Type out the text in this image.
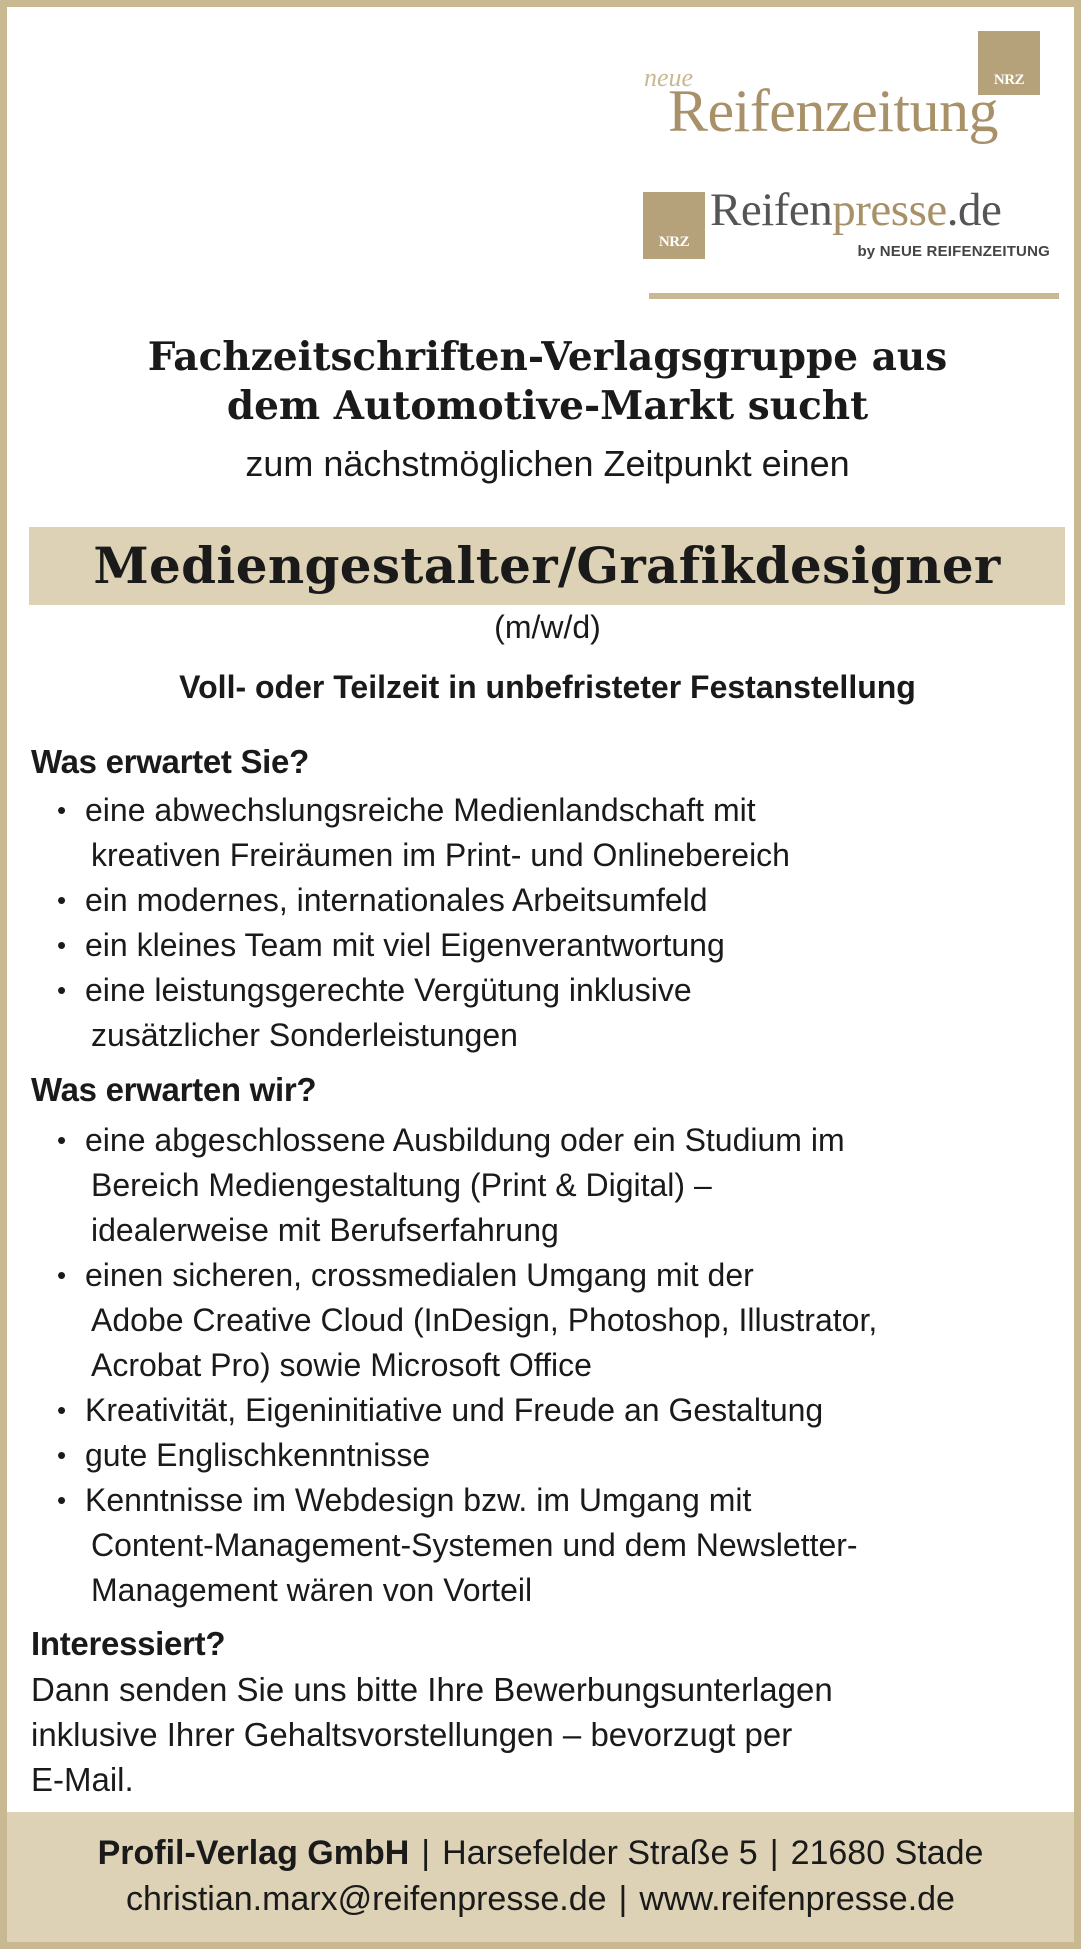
NRZ
neue
Reifenzeitung
NRZ
Reifenpresse.de
by NEUE REIFENZEITUNG
Fachzeitschriften-Verlagsgruppe aus
dem Automotive-Markt sucht
zum nächstmöglichen Zeitpunkt einen
Mediengestalter/Grafikdesigner
(m/w/d)
Voll- oder Teilzeit in unbefristeter Festanstellung
Was erwartet Sie?
• eine abwechslungsreiche Medienlandschaft mit
kreativen Freiräumen im Print- und Onlinebereich
• ein modernes, internationales Arbeitsumfeld
• ein kleines Team mit viel Eigenverantwortung
• eine leistungsgerechte Vergütung inklusive
zusätzlicher Sonderleistungen
Was erwarten wir?
• eine abgeschlossene Ausbildung oder ein Studium im
Bereich Mediengestaltung (Print & Digital) –
idealerweise mit Berufserfahrung
• einen sicheren, crossmedialen Umgang mit der
Adobe Creative Cloud (InDesign, Photoshop, Illustrator,
Acrobat Pro) sowie Microsoft Office
• Kreativität, Eigeninitiative und Freude an Gestaltung
• gute Englischkenntnisse
• Kenntnisse im Webdesign bzw. im Umgang mit
Content-Management-Systemen und dem Newsletter-
Management wären von Vorteil
Interessiert?
Dann senden Sie uns bitte Ihre Bewerbungsunterlagen
inklusive Ihrer Gehaltsvorstellungen – bevorzugt per
E-Mail.
Profil-Verlag GmbH | Harsefelder Straße 5 | 21680 Stade
christian.marx@reifenpresse.de | www.reifenpresse.de
